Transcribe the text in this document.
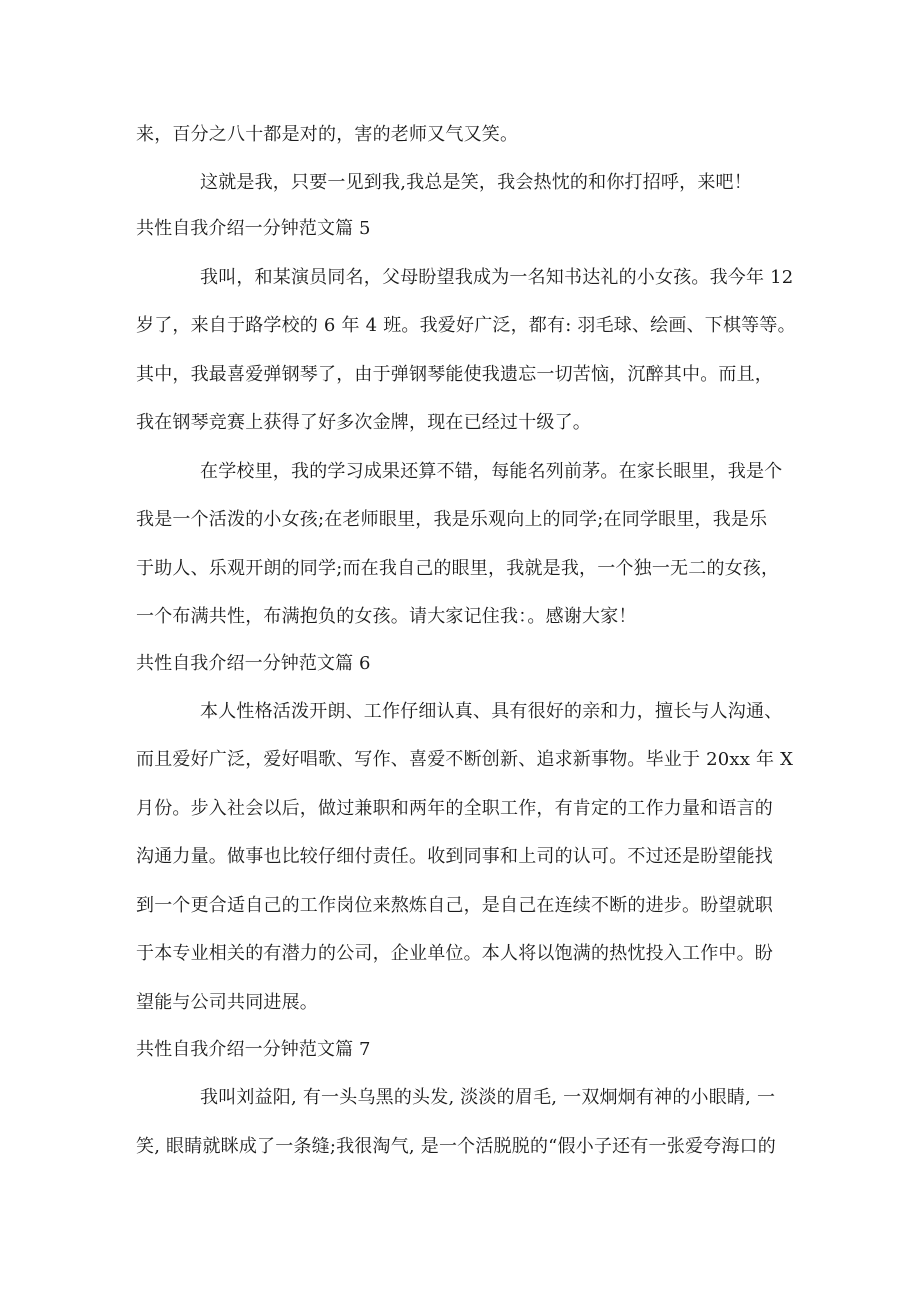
来，百分之八十都是对的，害的老师又气又笑。
这就是我，只要一见到我,我总是笑，我会热忱的和你打招呼，来吧！
共性自我介绍一分钟范文篇 5
我叫，和某演员同名，父母盼望我成为一名知书达礼的小女孩。我今年 12
岁了，来自于路学校的 6 年 4 班。我爱好广泛，都有: 羽毛球、绘画、下棋等等。
其中，我最喜爱弹钢琴了，由于弹钢琴能使我遗忘一切苦恼，沉醉其中。而且，
我在钢琴竞赛上获得了好多次金牌，现在已经过十级了。
在学校里，我的学习成果还算不错，每能名列前茅。在家长眼里，我是个
我是一个活泼的小女孩;在老师眼里，我是乐观向上的同学;在同学眼里，我是乐
于助人、乐观开朗的同学;而在我自己的眼里，我就是我，一个独一无二的女孩，
一个布满共性，布满抱负的女孩。请大家记住我：。感谢大家！
共性自我介绍一分钟范文篇 6
本人性格活泼开朗、工作仔细认真、具有很好的亲和力，擅长与人沟通、
而且爱好广泛，爱好唱歌、写作、喜爱不断创新、追求新事物。毕业于 20xx 年 X
月份。步入社会以后，做过兼职和两年的全职工作，有肯定的工作力量和语言的
沟通力量。做事也比较仔细付责任。收到同事和上司的认可。不过还是盼望能找
到一个更合适自己的工作岗位来熬炼自己，是自己在连续不断的进步。盼望就职
于本专业相关的有潜力的公司，企业单位。本人将以饱满的热忱投入工作中。盼
望能与公司共同进展。
共性自我介绍一分钟范文篇 7
我叫刘益阳, 有一头乌黑的头发, 淡淡的眉毛, 一双炯炯有神的小眼睛, 一
笑, 眼睛就眯成了一条缝;我很淘气, 是一个活脱脱的“假小子还有一张爱夸海口的
